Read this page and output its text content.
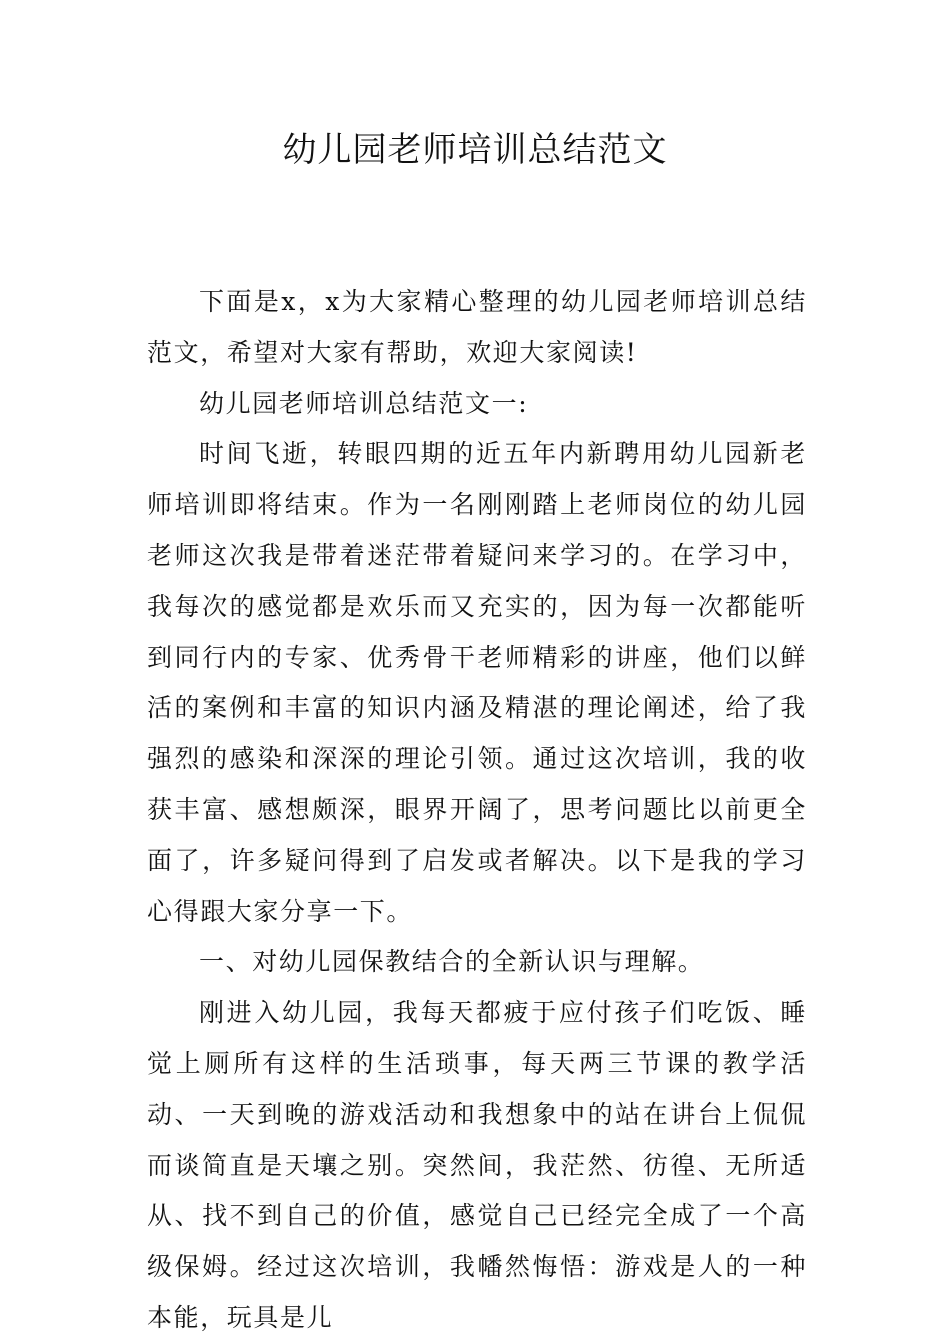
幼儿园老师培训总结范文

下面是x，x为大家精心整理的幼儿园老师培训总结范文，希望对大家有帮助，欢迎大家阅读!

幼儿园老师培训总结范文一:

时间飞逝，转眼四期的近五年内新聘用幼儿园新老师培训即将结束。作为一名刚刚踏上老师岗位的幼儿园老师这次我是带着迷茫带着疑问来学习的。在学习中，我每次的感觉都是欢乐而又充实的，因为每一次都能听到同行内的专家、优秀骨干老师精彩的讲座，他们以鲜活的案例和丰富的知识内涵及精湛的理论阐述，给了我强烈的感染和深深的理论引领。通过这次培训，我的收获丰富、感想颇深，眼界开阔了，思考问题比以前更全面了，许多疑问得到了启发或者解决。以下是我的学习心得跟大家分享一下。

一、对幼儿园保教结合的全新认识与理解。

刚进入幼儿园，我每天都疲于应付孩子们吃饭、睡觉上厕所有这样的生活琐事，每天两三节课的教学活动、一天到晚的游戏活动和我想象中的站在讲台上侃侃而谈简直是天壤之别。突然间，我茫然、彷徨、无所适从、找不到自己的价值，感觉自己已经完全成了一个高级保姆。经过这次培训，我幡然悔悟：游戏是人的一种本能，玩具是儿
